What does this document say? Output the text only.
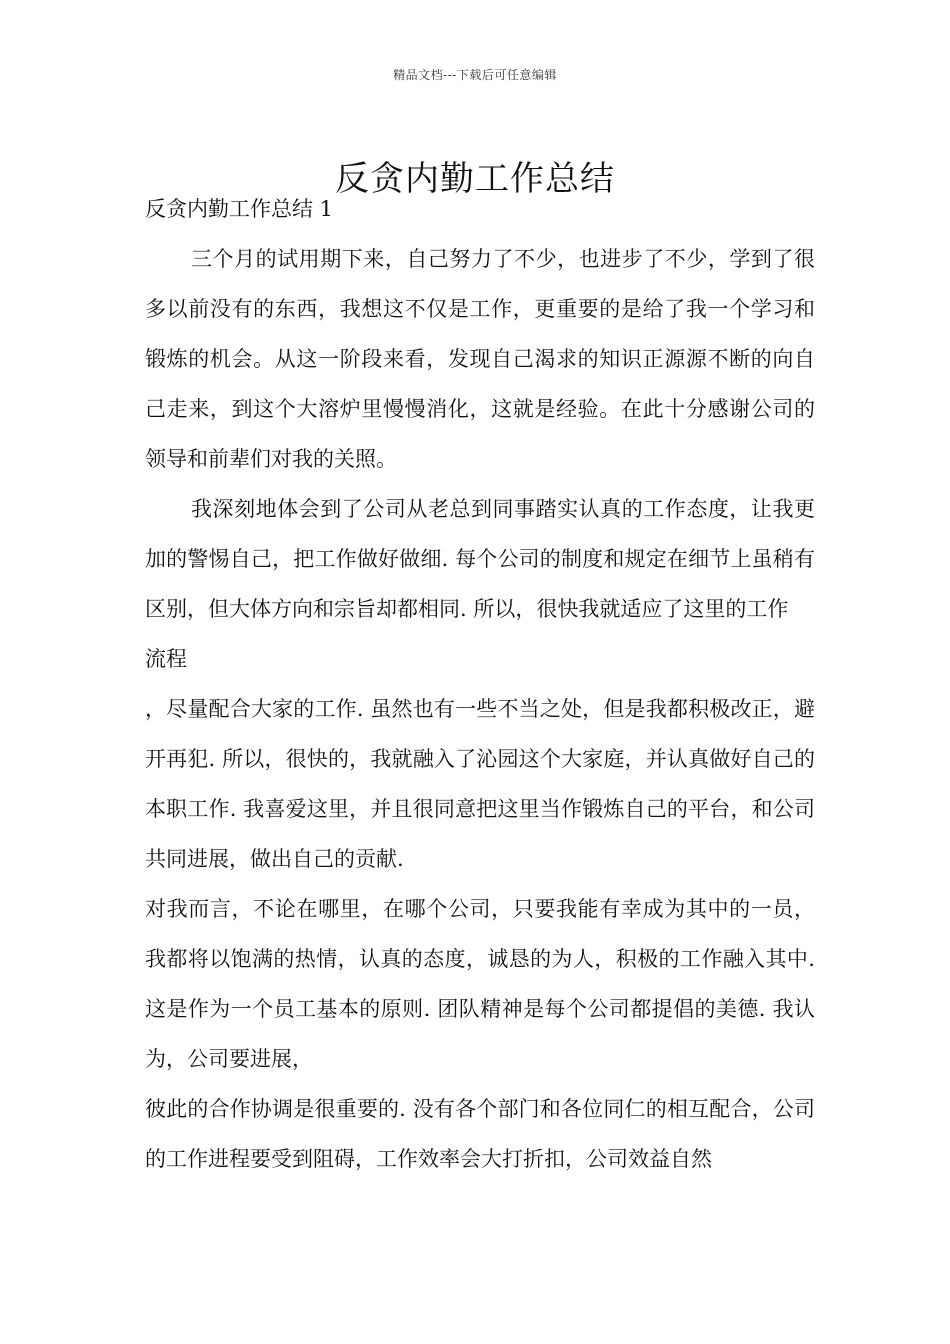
精品文档---下载后可任意编辑
反贪内勤工作总结

反贪内勤工作总结 1

三个月的试用期下来，自己努力了不少，也进步了不少，学到了很多以前没有的东西，我想这不仅是工作，更重要的是给了我一个学习和锻炼的机会。从这一阶段来看，发现自己渴求的知识正源源不断的向自己走来，到这个大溶炉里慢慢消化，这就是经验。在此十分感谢公司的领导和前辈们对我的关照。

我深刻地体会到了公司从老总到同事踏实认真的工作态度，让我更加的警惕自己，把工作做好做细. 每个公司的制度和规定在细节上虽稍有区别，但大体方向和宗旨却都相同. 所以，很快我就适应了这里的工作

流程

，尽量配合大家的工作. 虽然也有一些不当之处，但是我都积极改正，避开再犯. 所以，很快的，我就融入了沁园这个大家庭，并认真做好自己的本职工作. 我喜爱这里，并且很同意把这里当作锻炼自己的平台，和公司共同进展，做出自己的贡献.

对我而言，不论在哪里，在哪个公司，只要我能有幸成为其中的一员，我都将以饱满的热情，认真的态度，诚恳的为人，积极的工作融入其中. 这是作为一个员工基本的原则. 团队精神是每个公司都提倡的美德. 我认为，公司要进展，

彼此的合作协调是很重要的. 没有各个部门和各位同仁的相互配合，公司的工作进程要受到阻碍，工作效率会大打折扣，公司效益自然
